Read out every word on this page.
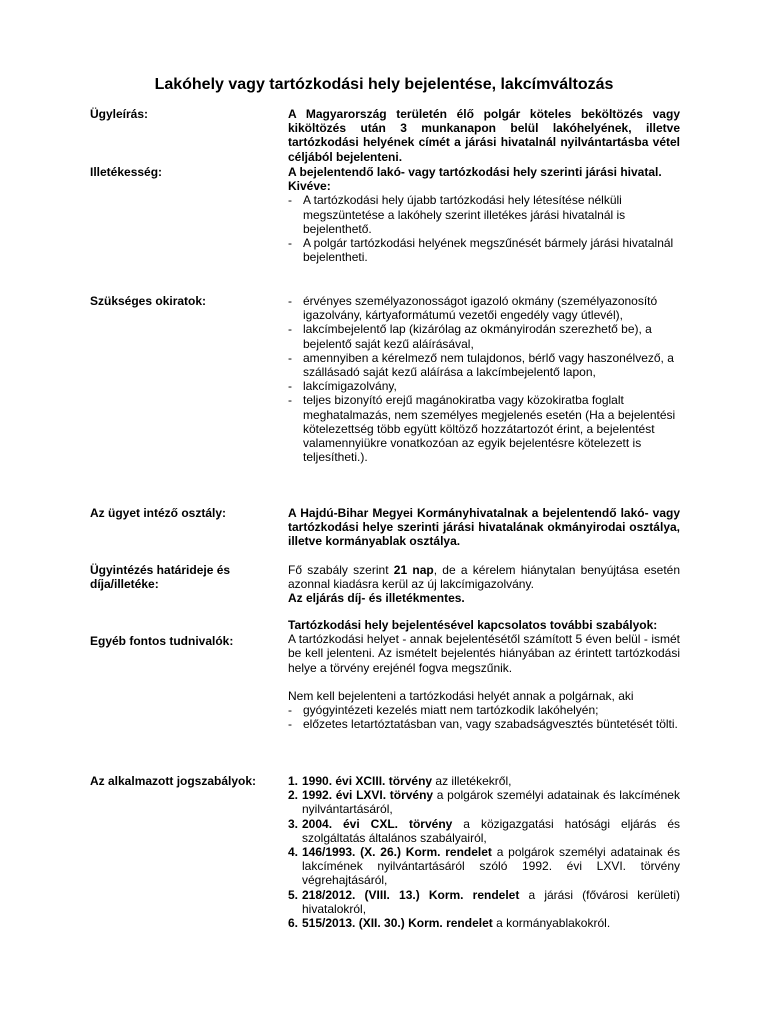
Lakóhely vagy tartózkodási hely bejelentése, lakcímváltozás
Ügyleírás:	A Magyarország területén élő polgár köteles beköltözés vagy kiköltözés után 3 munkanapon belül lakóhelyének, illetve tartózkodási helyének címét a járási hivatalnál nyilvántartásba vétel céljából bejelenteni.
Illetékesség:	A bejelentendő lakó- vagy tartózkodási hely szerinti járási hivatal.

Kivéve:

- A tartózkodási hely újabb tartózkodási hely létesítése nélküli megszüntetése a lakóhely szerint illetékes járási hivatalnál is bejelenthető.
- A polgár tartózkodási helyének megszűnését bármely járási hivatalnál bejelentheti.
Szükséges okiratok:	- érvényes személyazonosságot igazoló okmány (személyazonosító igazolvány, kártyaformátumú vezetői engedély vagy útlevél),
- lakcímbejelentő lap (kizárólag az okmányirodán szerezhető be), a bejelentő saját kezű aláírásával,
- amennyiben a kérelmező nem tulajdonos, bérlő vagy haszonélvező, a szállásadó saját kezű aláírása a lakcímbejelentő lapon,
- lakcímigazolvány,
- teljes bizonyító erejű magánokiratba vagy közokiratba foglalt meghatalmazás, nem személyes megjelenés esetén (Ha a bejelentési kötelezettség több együtt költöző hozzátartozót érint, a bejelentést valamennyiükre vonatkozóan az egyik bejelentésre kötelezett is teljesítheti.).
Az ügyet intéző osztály:	A Hajdú-Bihar Megyei Kormányhivatalnak a bejelentendő lakó- vagy tartózkodási helye szerinti járási hivatalának okmányirodai osztálya, illetve kormányablak osztálya.
Ügyintézés határideje és díja/illetéke:

Fő szabály szerint 21 nap, de a kérelem hiánytalan benyújtása esetén azonnal kiadásra kerül az új lakcímigazolvány.

Az eljárás díj- és illetékmentes.

Egyéb fontos tudnivalók:

Tartózkodási hely bejelentésével kapcsolatos további szabályok:

A tartózkodási helyet - annak bejelentésétől számított 5 éven belül - ismét be kell jelenteni. Az ismételt bejelentés hiányában az érintett tartózkodási helye a törvény erejénél fogva megszűnik.

Nem kell bejelenteni a tartózkodási helyét annak a polgárnak, aki

- gyógyintézeti kezelés miatt nem tartózkodik lakóhelyén;
- előzetes letartóztatásban van, vagy szabadságvesztés büntetését tölti.
Az alkalmazott jogszabályok:	1. 1990. évi XCIII. törvény az illetékekről,
2. 1992. évi LXVI. törvény a polgárok személyi adatainak és lakcímének nyilvántartásáról,
3. 2004. évi CXL. törvény a közigazgatási hatósági eljárás és szolgáltatás általános szabályairól,
4. 146/1993. (X. 26.) Korm. rendelet a polgárok személyi adatainak és lakcímének nyilvántartásáról szóló 1992. évi LXVI. törvény végrehajtásáról,
5. 218/2012. (VIII. 13.) Korm. rendelet a járási (fővárosi kerületi) hivatalokról,
6. 515/2013. (XII. 30.) Korm. rendelet a kormányablakokról.
